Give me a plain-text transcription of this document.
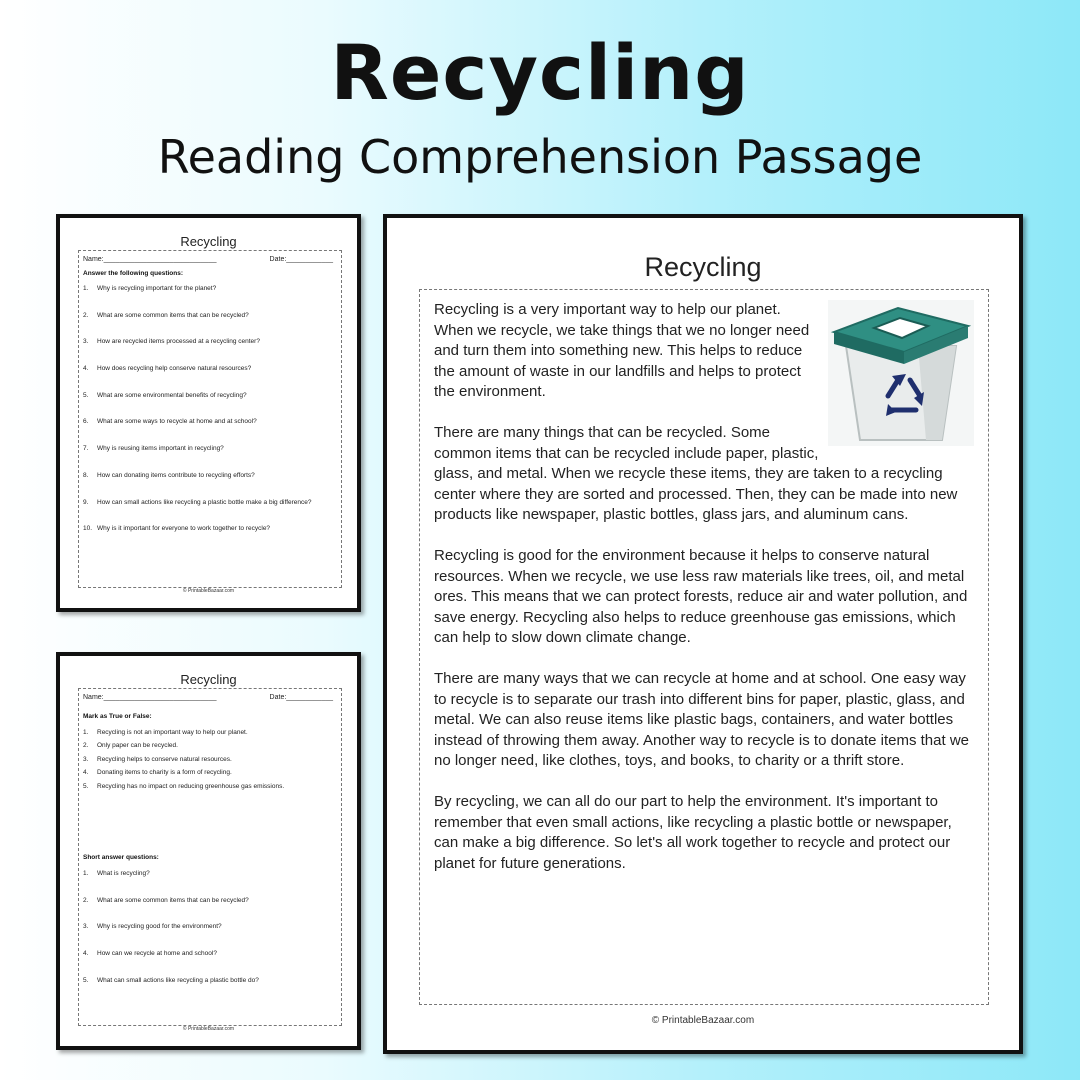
Recycling
Reading Comprehension Passage
Recycling
Name:_____________________________	Date:____________
Answer the following questions:
1.	Why is recycling important for the planet?
2.	What are some common items that can be recycled?
3.	How are recycled items processed at a recycling center?
4.	How does recycling help conserve natural resources?
5.	What are some environmental benefits of recycling?
6.	What are some ways to recycle at home and at school?
7.	Why is reusing items important in recycling?
8.	How can donating items contribute to recycling efforts?
9.	How can small actions like recycling a plastic bottle make a big difference?
10. Why is it important for everyone to work together to recycle?
© PrintableBazaar.com
Recycling
Name:_____________________________	Date:____________
Mark as True or False:
1.	Recycling is not an important way to help our planet.
2.	Only paper can be recycled.
3.	Recycling helps to conserve natural resources.
4.	Donating items to charity is a form of recycling.
5.	Recycling has no impact on reducing greenhouse gas emissions.
Short answer questions:
1.	What is recycling?
2.	What are some common items that can be recycled?
3.	Why is recycling good for the environment?
4.	How can we recycle at home and school?
5.	What can small actions like recycling a plastic bottle do?
© PrintableBazaar.com
Recycling

Recycling is a very important way to help our planet. When we recycle, we take things that we no longer need and turn them into something new. This helps to reduce the amount of waste in our landfills and helps to protect the environment.

There are many things that can be recycled. Some common items that can be recycled include paper, plastic, glass, and metal. When we recycle these items, they are taken to a recycling center where they are sorted and processed. Then, they can be made into new products like newspaper, plastic bottles, glass jars, and aluminum cans.

Recycling is good for the environment because it helps to conserve natural resources. When we recycle, we use less raw materials like trees, oil, and metal ores. This means that we can protect forests, reduce air and water pollution, and save energy. Recycling also helps to reduce greenhouse gas emissions, which can help to slow down climate change.

There are many ways that we can recycle at home and at school. One easy way to recycle is to separate our trash into different bins for paper, plastic, glass, and metal. We can also reuse items like plastic bags, containers, and water bottles instead of throwing them away. Another way to recycle is to donate items that we no longer need, like clothes, toys, and books, to charity or a thrift store.

By recycling, we can all do our part to help the environment. It's important to remember that even small actions, like recycling a plastic bottle or newspaper, can make a big difference. So let's all work together to recycle and protect our planet for future generations.

© PrintableBazaar.com
